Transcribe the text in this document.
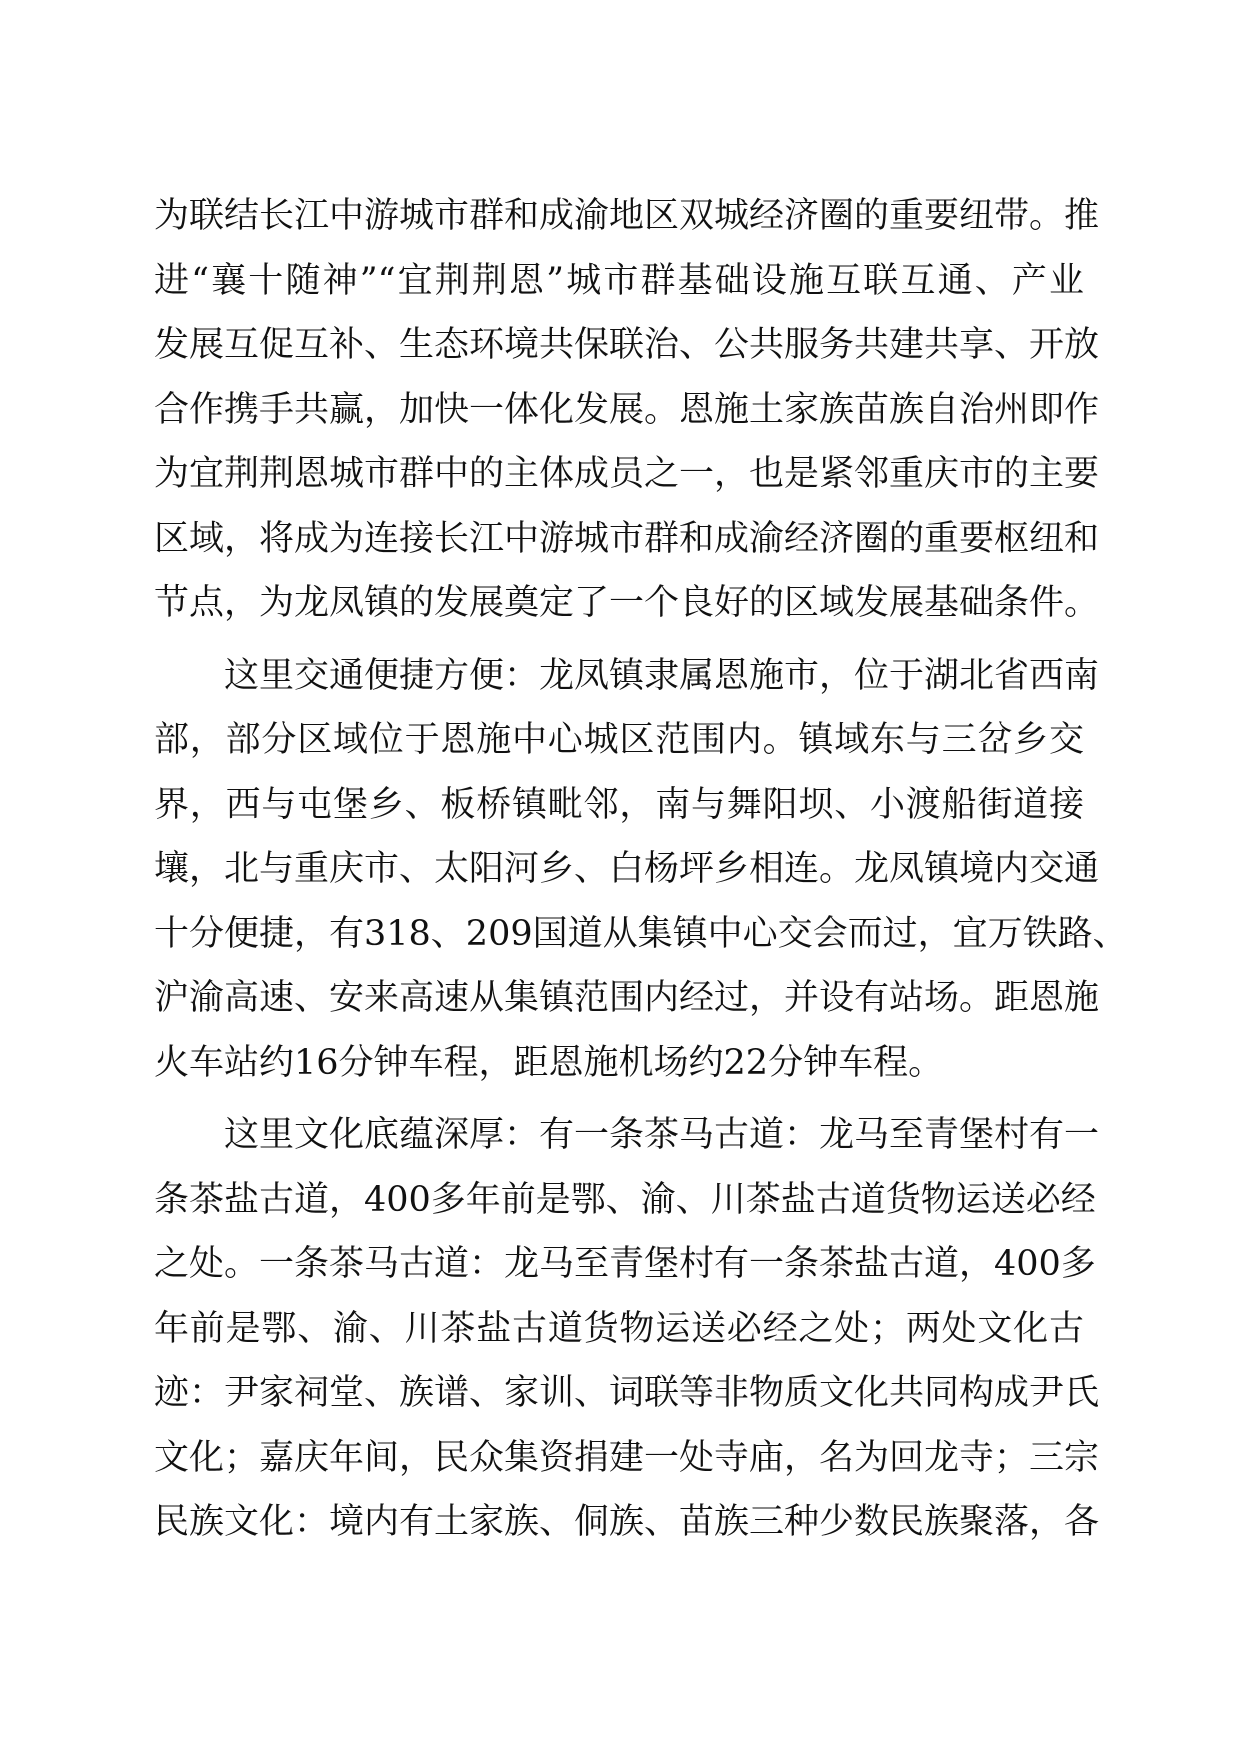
为联结长江中游城市群和成渝地区双城经济圈的重要纽带。推
进“襄十随神”“宜荆荆恩”城市群基础设施互联互通、产业
发展互促互补、生态环境共保联治、公共服务共建共享、开放
合作携手共赢，加快一体化发展。恩施土家族苗族自治州即作
为宜荆荆恩城市群中的主体成员之一，也是紧邻重庆市的主要
区域，将成为连接长江中游城市群和成渝经济圈的重要枢纽和
节点，为龙凤镇的发展奠定了一个良好的区域发展基础条件。
这里交通便捷方便：龙凤镇隶属恩施市，位于湖北省西南
部，部分区域位于恩施中心城区范围内。镇域东与三岔乡交
界，西与屯堡乡、板桥镇毗邻，南与舞阳坝、小渡船街道接
壤，北与重庆市、太阳河乡、白杨坪乡相连。龙凤镇境内交通
十分便捷，有318、209国道从集镇中心交会而过，宜万铁路、
沪渝高速、安来高速从集镇范围内经过，并设有站场。距恩施
火车站约16分钟车程，距恩施机场约22分钟车程。
这里文化底蕴深厚：有一条茶马古道：龙马至青堡村有一
条茶盐古道，400多年前是鄂、渝、川茶盐古道货物运送必经
之处。一条茶马古道：龙马至青堡村有一条茶盐古道，400多
年前是鄂、渝、川茶盐古道货物运送必经之处；两处文化古
迹：尹家祠堂、族谱、家训、词联等非物质文化共同构成尹氏
文化；嘉庆年间，民众集资捐建一处寺庙，名为回龙寺；三宗
民族文化：境内有土家族、侗族、苗族三种少数民族聚落，各
